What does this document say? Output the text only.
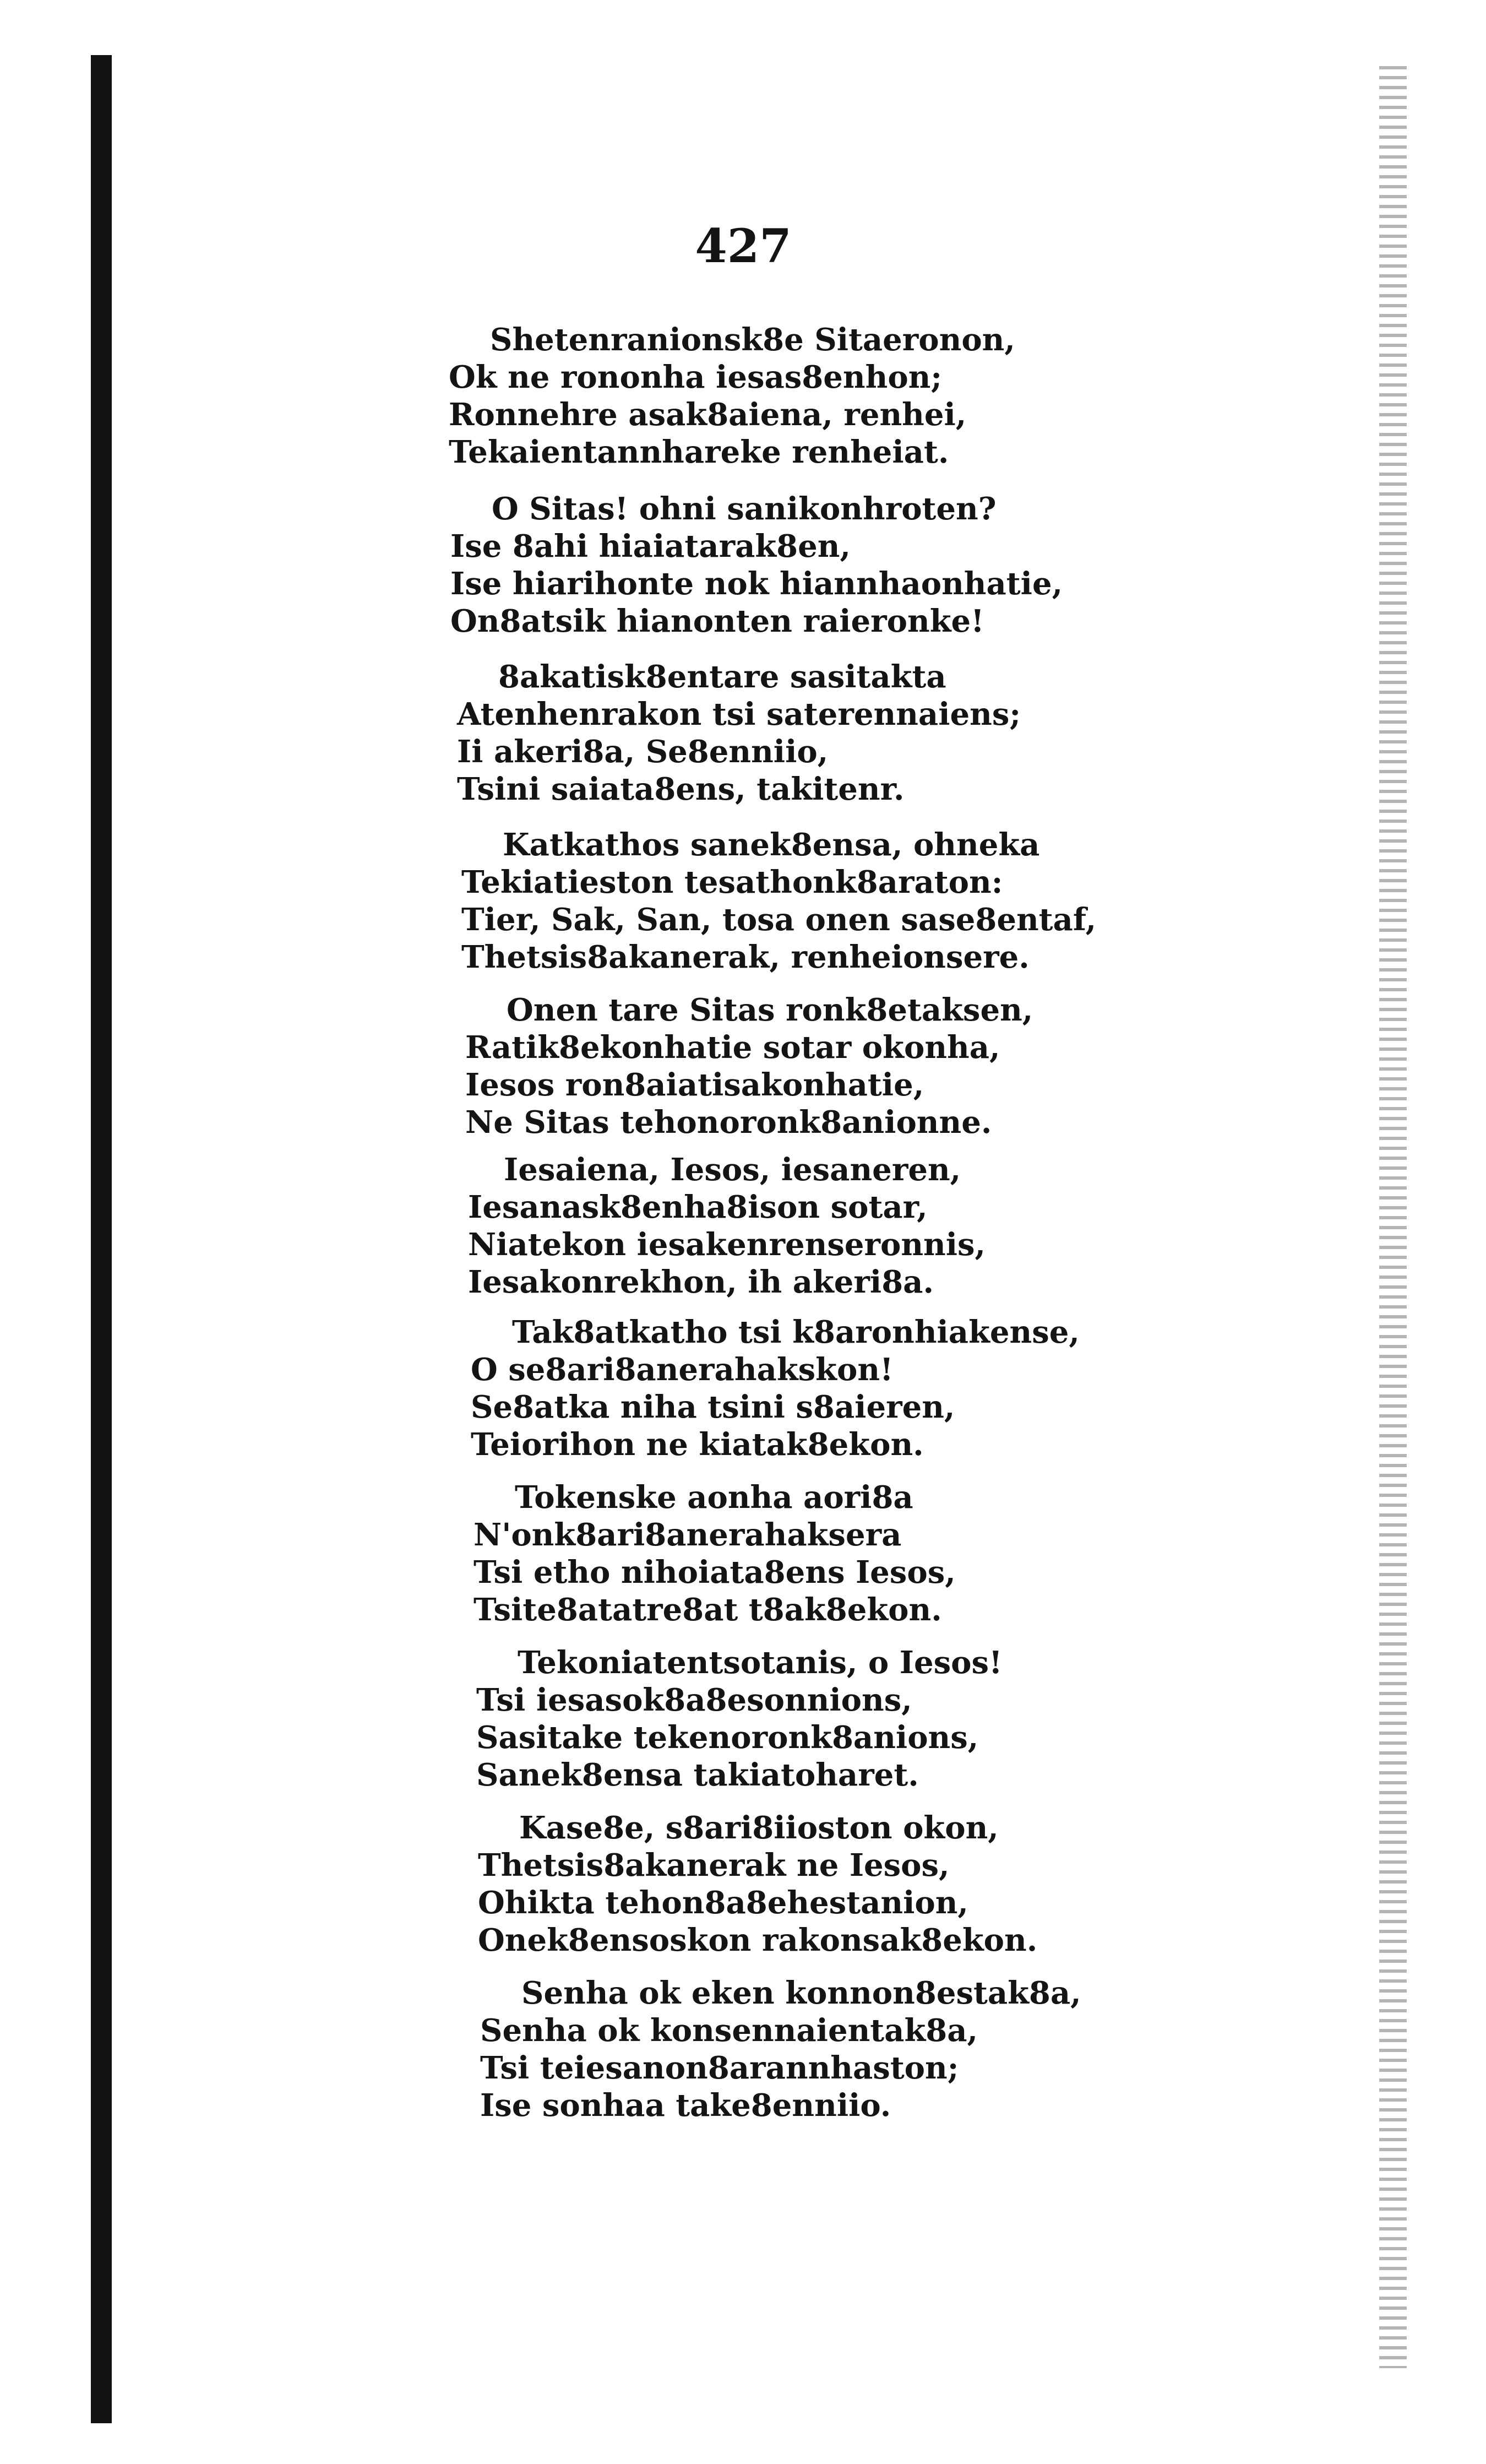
427
Shetenranionsk8e Sitaeronon,
Ok ne rononha iesas8enhon;
Ronnehre asak8aiena, renhei,
Tekaientannhareke renheiat.
O Sitas! ohni sanikonhroten?
Ise 8ahi hiaiatarak8en,
Ise hiarihonte nok hiannhaonhatie,
On8atsik hianonten raieronke!
8akatisk8entare sasitakta
Atenhenrakon tsi saterennaiens;
Ii akeri8a, Se8enniio,
Tsini saiata8ens, takitenr.
Katkathos sanek8ensa, ohneka
Tekiatieston tesathonk8araton:
Tier, Sak, San, tosa onen sase8entaf,
Thetsis8akanerak, renheionsere.
Onen tare Sitas ronk8etaksen,
Ratik8ekonhatie sotar okonha,
Iesos ron8aiatisakonhatie,
Ne Sitas tehonoronk8anionne.
Iesaiena, Iesos, iesaneren,
Iesanask8enha8ison sotar,
Niatekon iesakenrenseronnis,
Iesakonrekhon, ih akeri8a.
Tak8atkatho tsi k8aronhiakense,
O se8ari8anerahakskon!
Se8atka niha tsini s8aieren,
Teiorihon ne kiatak8ekon.
Tokenske aonha aori8a
N'onk8ari8anerahaksera
Tsi etho nihoiata8ens Iesos,
Tsite8atatre8at t8ak8ekon.
Tekoniatentsotanis, o Iesos!
Tsi iesasok8a8esonnions,
Sasitake tekenoronk8anions,
Sanek8ensa takiatoharet.
Kase8e, s8ari8iioston okon,
Thetsis8akanerak ne Iesos,
Ohikta tehon8a8ehestanion,
Onek8ensoskon rakonsak8ekon.
Senha ok eken konnon8estak8a,
Senha ok konsennaientak8a,
Tsi teiesanon8arannhaston;
Ise sonhaa take8enniio.
